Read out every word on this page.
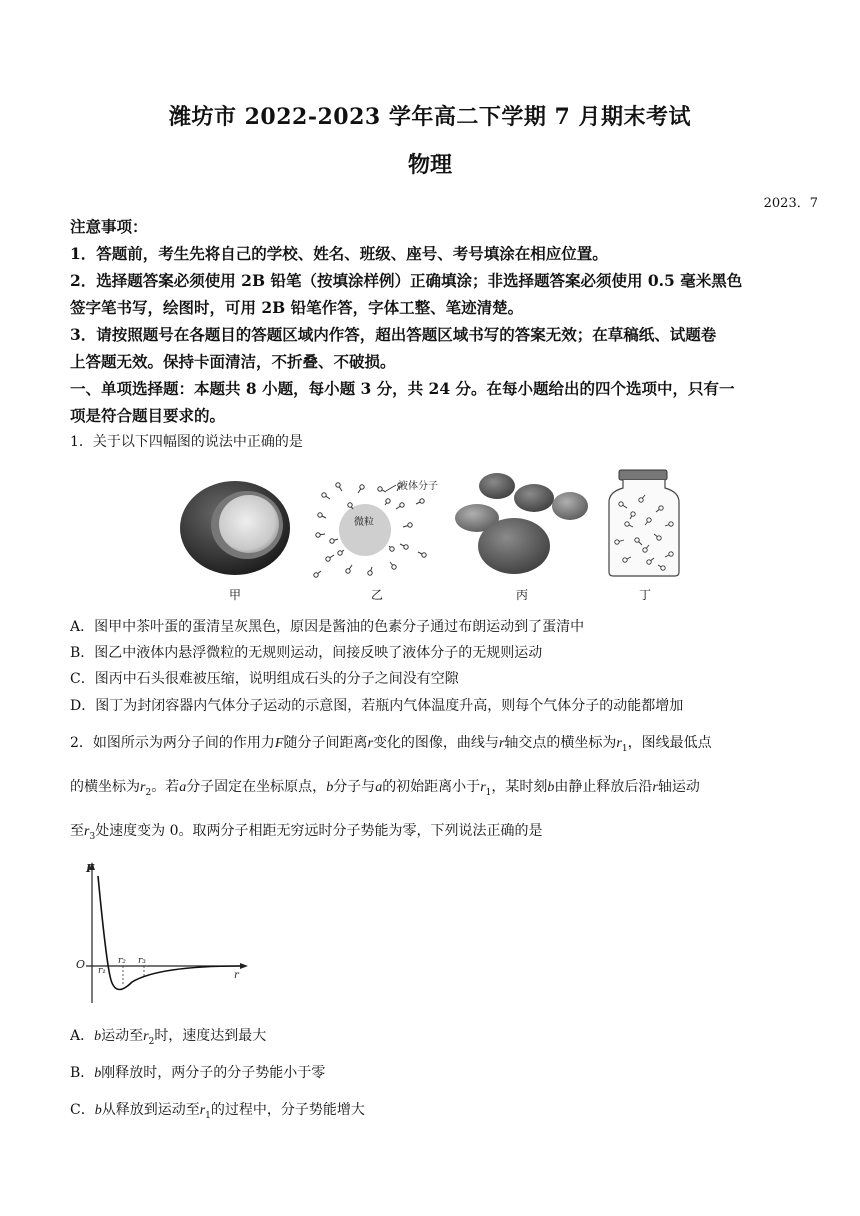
潍坊市 2022-2023 学年高二下学期 7 月期末考试
物理
2023．7
注意事项：
1．答题前，考生先将自己的学校、姓名、班级、座号、考号填涂在相应位置。
2．选择题答案必须使用 2B 铅笔（按填涂样例）正确填涂；非选择题答案必须使用 0.5 毫米黑色
签字笔书写，绘图时，可用 2B 铅笔作答，字体工整、笔迹清楚。
3．请按照题号在各题目的答题区域内作答，超出答题区域书写的答案无效；在草稿纸、试题卷
上答题无效。保持卡面清洁，不折叠、不破损。
一、单项选择题：本题共 8 小题，每小题 3 分，共 24 分。在每小题给出的四个选项中，只有一
项是符合题目要求的。
1．关于以下四幅图的说法中正确的是
微粒
液体分子
甲	乙	丙	丁
A．图甲中茶叶蛋的蛋清呈灰黑色，原因是酱油的色素分子通过布朗运动到了蛋清中
B．图乙中液体内悬浮微粒的无规则运动，间接反映了液体分子的无规则运动
C．图丙中石头很难被压缩，说明组成石头的分子之间没有空隙
D．图丁为封闭容器内气体分子运动的示意图，若瓶内气体温度升高，则每个气体分子的动能都增加
2．如图所示为两分子间的作用力F随分子间距离r变化的图像，曲线与r轴交点的横坐标为$r_1$，图线最低点
的横坐标为$r_2$。若a分子固定在坐标原点，b分子与a的初始距离小于$r_1$，某时刻b由静止释放后沿r轴运动
至$r_3$处速度变为 0。取两分子相距无穷远时分子势能为零，下列说法正确的是
F
O
r
r₁
r₂ r₃
A．b运动至$r_2$时，速度达到最大
B．b刚释放时，两分子的分子势能小于零
C．b从释放到运动至$r_1$的过程中，分子势能增大
